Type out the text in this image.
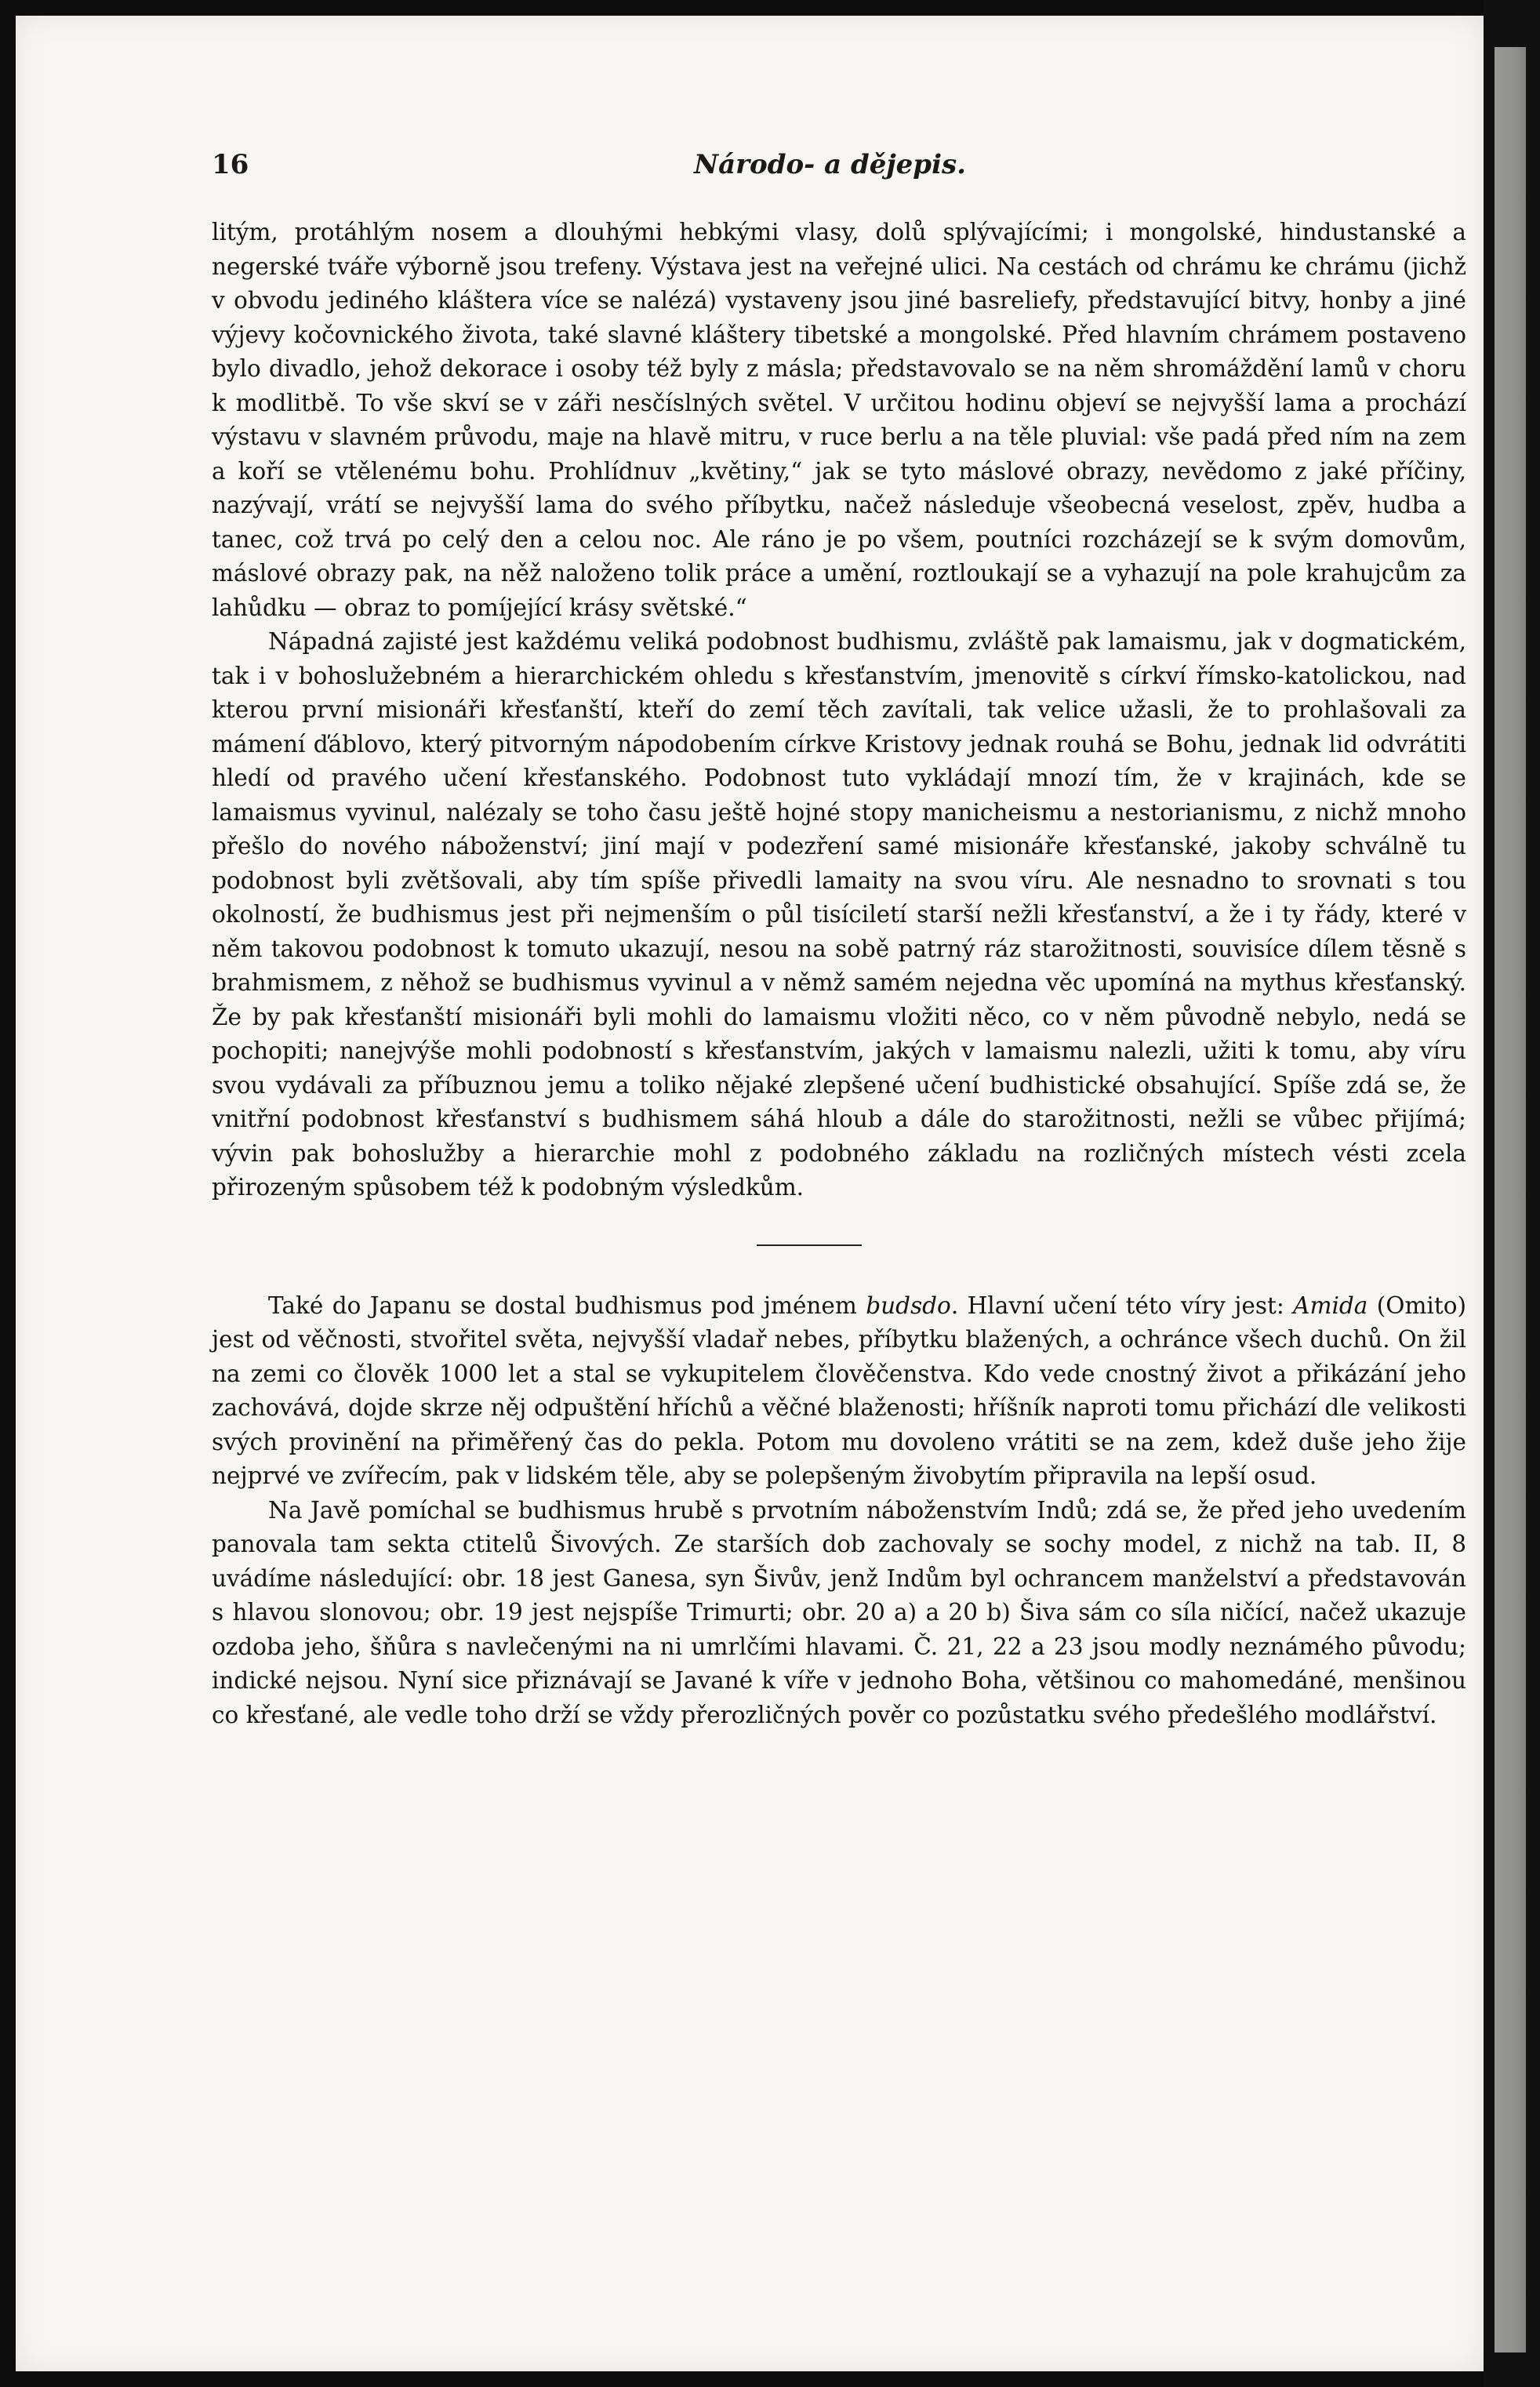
16	Národo- a dějepis.

litým, protáhlým nosem a dlouhými hebkými vlasy, dolů splývajícími; i mongolské, hindustanské a negerské tváře výborně jsou trefeny. Výstava jest na veřejné ulici. Na cestách od chrámu ke chrámu (jichž v obvodu jediného kláštera více se nalézá) vystaveny jsou jiné basreliefy, představující bitvy, honby a jiné výjevy kočovnického života, také slavné kláštery tibetské a mongolské. Před hlavním chrámem postaveno bylo divadlo, jehož dekorace i osoby též byly z másla; představovalo se na něm shromáždění lamů v choru k modlitbě. To vše skví se v záři nesčíslných světel. V určitou hodinu objeví se nejvyšší lama a prochází výstavu v slavném průvodu, maje na hlavě mitru, v ruce berlu a na těle pluvial: vše padá před ním na zem a koří se vtělenému bohu. Prohlídnuv „květiny,“ jak se tyto máslové obrazy, nevědomo z jaké příčiny, nazývají, vrátí se nejvyšší lama do svého příbytku, načež následuje všeobecná veselost, zpěv, hudba a tanec, což trvá po celý den a celou noc. Ale ráno je po všem, poutníci rozcházejí se k svým domovům, máslové obrazy pak, na něž naloženo tolik práce a umění, roztloukají se a vyhazují na pole krahujcům za lahůdku — obraz to pomíjející krásy světské.“

Nápadná zajisté jest každému veliká podobnost budhismu, zvláště pak lamaismu, jak v dogmatickém, tak i v bohoslužebném a hierarchickém ohledu s křesťanstvím, jmenovitě s církví římsko-katolickou, nad kterou první misionáři křesťanští, kteří do zemí těch zavítali, tak velice užasli, že to prohlašovali za mámení ďáblovo, který pitvorným nápodobením církve Kristovy jednak rouhá se Bohu, jednak lid odvrátiti hledí od pravého učení křesťanského. Podobnost tuto vykládají mnozí tím, že v krajinách, kde se lamaismus vyvinul, nalézaly se toho času ještě hojné stopy manicheismu a nestorianismu, z nichž mnoho přešlo do nového náboženství; jiní mají v podezření samé misionáře křesťanské, jakoby schválně tu podobnost byli zvětšovali, aby tím spíše přivedli lamaity na svou víru. Ale nesnadno to srovnati s tou okolností, že budhismus jest při nejmenším o půl tisíciletí starší nežli křesťanství, a že i ty řády, které v něm takovou podobnost k tomuto ukazují, nesou na sobě patrný ráz starožitnosti, souvisíce dílem těsně s brahmismem, z něhož se budhismus vyvinul a v němž samém nejedna věc upomíná na mythus křesťanský. Že by pak křesťanští misionáři byli mohli do lamaismu vložiti něco, co v něm původně nebylo, nedá se pochopiti; nanejvýše mohli podobností s křesťanstvím, jakých v lamaismu nalezli, užiti k tomu, aby víru svou vydávali za příbuznou jemu a toliko nějaké zlepšené učení budhistické obsahující. Spíše zdá se, že vnitřní podobnost křesťanství s budhismem sáhá hloub a dále do starožitnosti, nežli se vůbec přijímá; vývin pak bohoslužby a hierarchie mohl z podobného základu na rozličných místech vésti zcela přirozeným spůsobem též k podobným výsledkům.

Také do Japanu se dostal budhismus pod jménem budsdo. Hlavní učení této víry jest: Amida (Omito) jest od věčnosti, stvořitel světa, nejvyšší vladař nebes, příbytku blažených, a ochránce všech duchů. On žil na zemi co člověk 1000 let a stal se vykupitelem člověčenstva. Kdo vede cnostný život a přikázání jeho zachovává, dojde skrze něj odpuštění hříchů a věčné blaženosti; hříšník naproti tomu přichází dle velikosti svých provinění na přiměřený čas do pekla. Potom mu dovoleno vrátiti se na zem, kdež duše jeho žije nejprvé ve zvířecím, pak v lidském těle, aby se polepšeným živobytím připravila na lepší osud.

Na Javě pomíchal se budhismus hrubě s prvotním náboženstvím Indů; zdá se, že před jeho uvedením panovala tam sekta ctitelů Šivových. Ze starších dob zachovaly se sochy model, z nichž na tab. II, 8 uvádíme následující: obr. 18 jest Ganesa, syn Šivův, jenž Indům byl ochrancem manželství a představován s hlavou slonovou; obr. 19 jest nejspíše Trimurti; obr. 20 a) a 20 b) Šiva sám co síla ničící, načež ukazuje ozdoba jeho, šňůra s navlečenými na ni umrlčími hlavami. Č. 21, 22 a 23 jsou modly neznámého původu; indické nejsou. Nyní sice přiznávají se Javané k víře v jednoho Boha, většinou co mahomedáné, menšinou co křesťané, ale vedle toho drží se vždy přerozličných pověr co pozůstatku svého předešlého modlářství.
